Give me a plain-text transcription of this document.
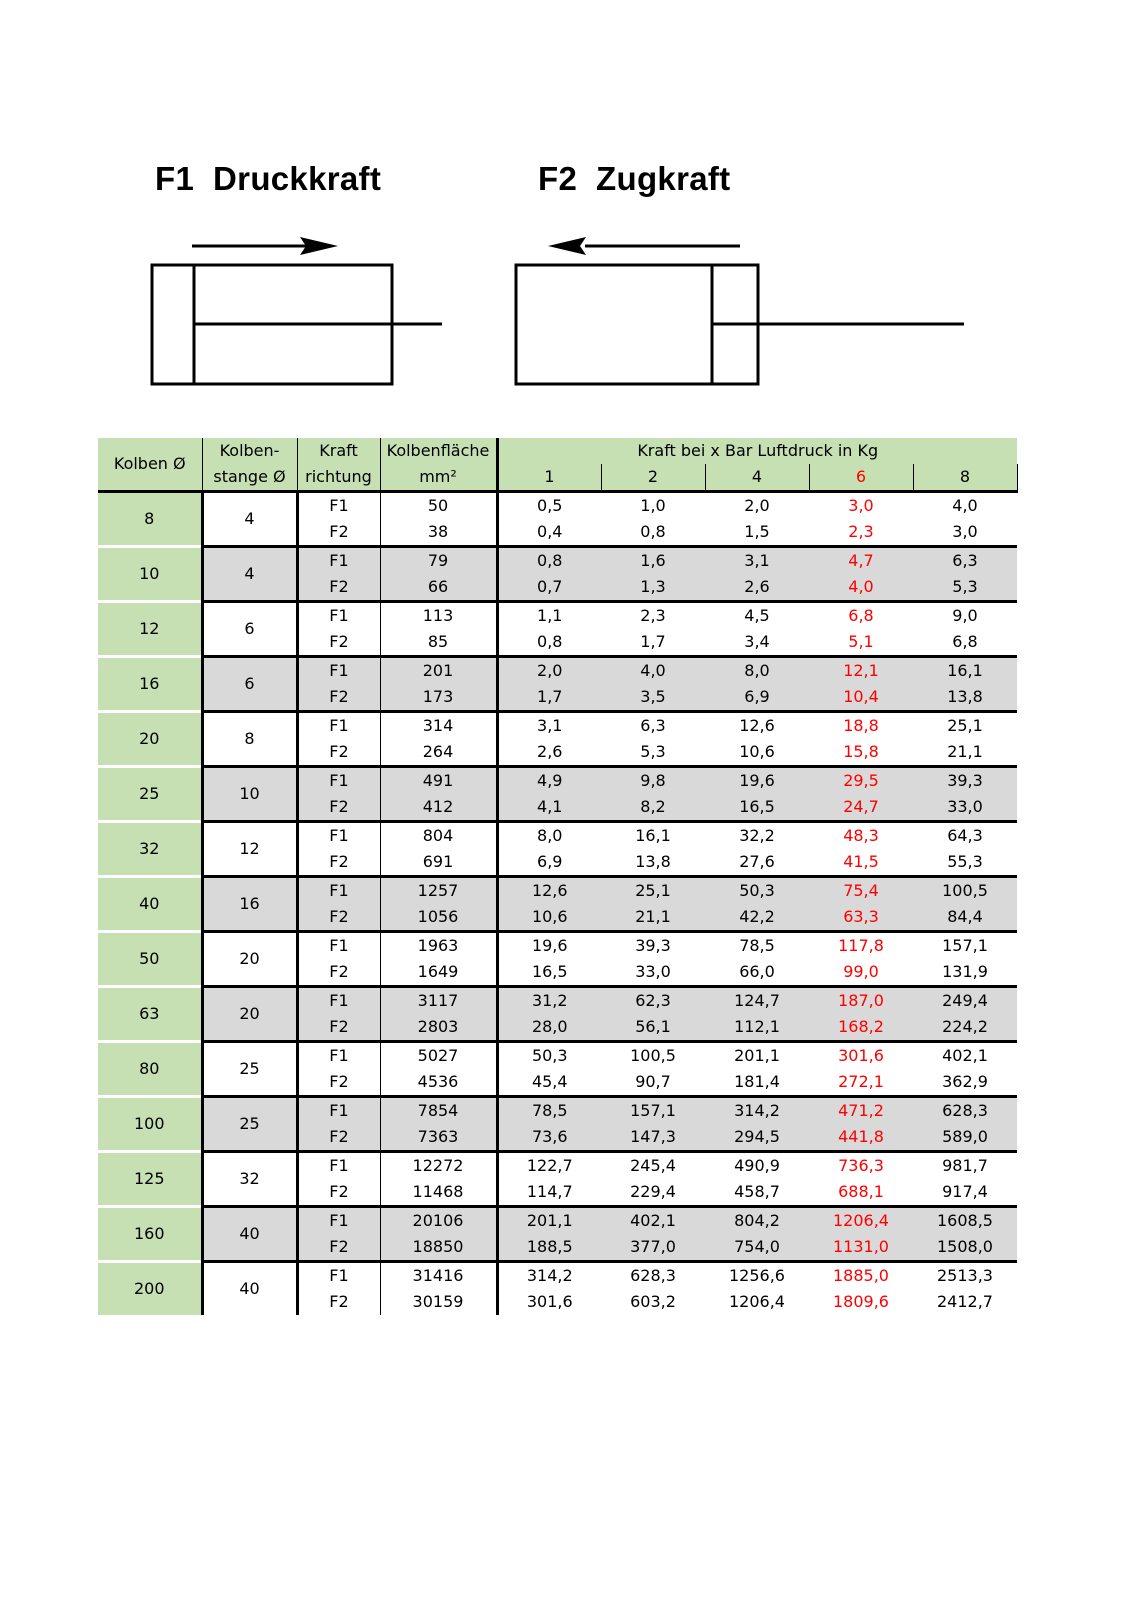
F1  Druckkraft	F2  Zugkraft
Kolben Ø	Kolben-	Kraft	Kolbenfläche	Kraft bei x Bar Luftdruck in Kg				
	stange Ø	richtung	mm²	1	2	4	6	8
8	4	F1	50	0,5	1,0	2,0	3,0	4,0
		F2	38	0,4	0,8	1,5	2,3	3,0
10	4	F1	79	0,8	1,6	3,1	4,7	6,3
		F2	66	0,7	1,3	2,6	4,0	5,3
12	6	F1	113	1,1	2,3	4,5	6,8	9,0
		F2	85	0,8	1,7	3,4	5,1	6,8
16	6	F1	201	2,0	4,0	8,0	12,1	16,1
		F2	173	1,7	3,5	6,9	10,4	13,8
20	8	F1	314	3,1	6,3	12,6	18,8	25,1
		F2	264	2,6	5,3	10,6	15,8	21,1
25	10	F1	491	4,9	9,8	19,6	29,5	39,3
		F2	412	4,1	8,2	16,5	24,7	33,0
32	12	F1	804	8,0	16,1	32,2	48,3	64,3
		F2	691	6,9	13,8	27,6	41,5	55,3
40	16	F1	1257	12,6	25,1	50,3	75,4	100,5
		F2	1056	10,6	21,1	42,2	63,3	84,4
50	20	F1	1963	19,6	39,3	78,5	117,8	157,1
		F2	1649	16,5	33,0	66,0	99,0	131,9
63	20	F1	3117	31,2	62,3	124,7	187,0	249,4
		F2	2803	28,0	56,1	112,1	168,2	224,2
80	25	F1	5027	50,3	100,5	201,1	301,6	402,1
		F2	4536	45,4	90,7	181,4	272,1	362,9
100	25	F1	7854	78,5	157,1	314,2	471,2	628,3
		F2	7363	73,6	147,3	294,5	441,8	589,0
125	32	F1	12272	122,7	245,4	490,9	736,3	981,7
		F2	11468	114,7	229,4	458,7	688,1	917,4
160	40	F1	20106	201,1	402,1	804,2	1206,4	1608,5
		F2	18850	188,5	377,0	754,0	1131,0	1508,0
200	40	F1	31416	314,2	628,3	1256,6	1885,0	2513,3
		F2	30159	301,6	603,2	1206,4	1809,6	2412,7
